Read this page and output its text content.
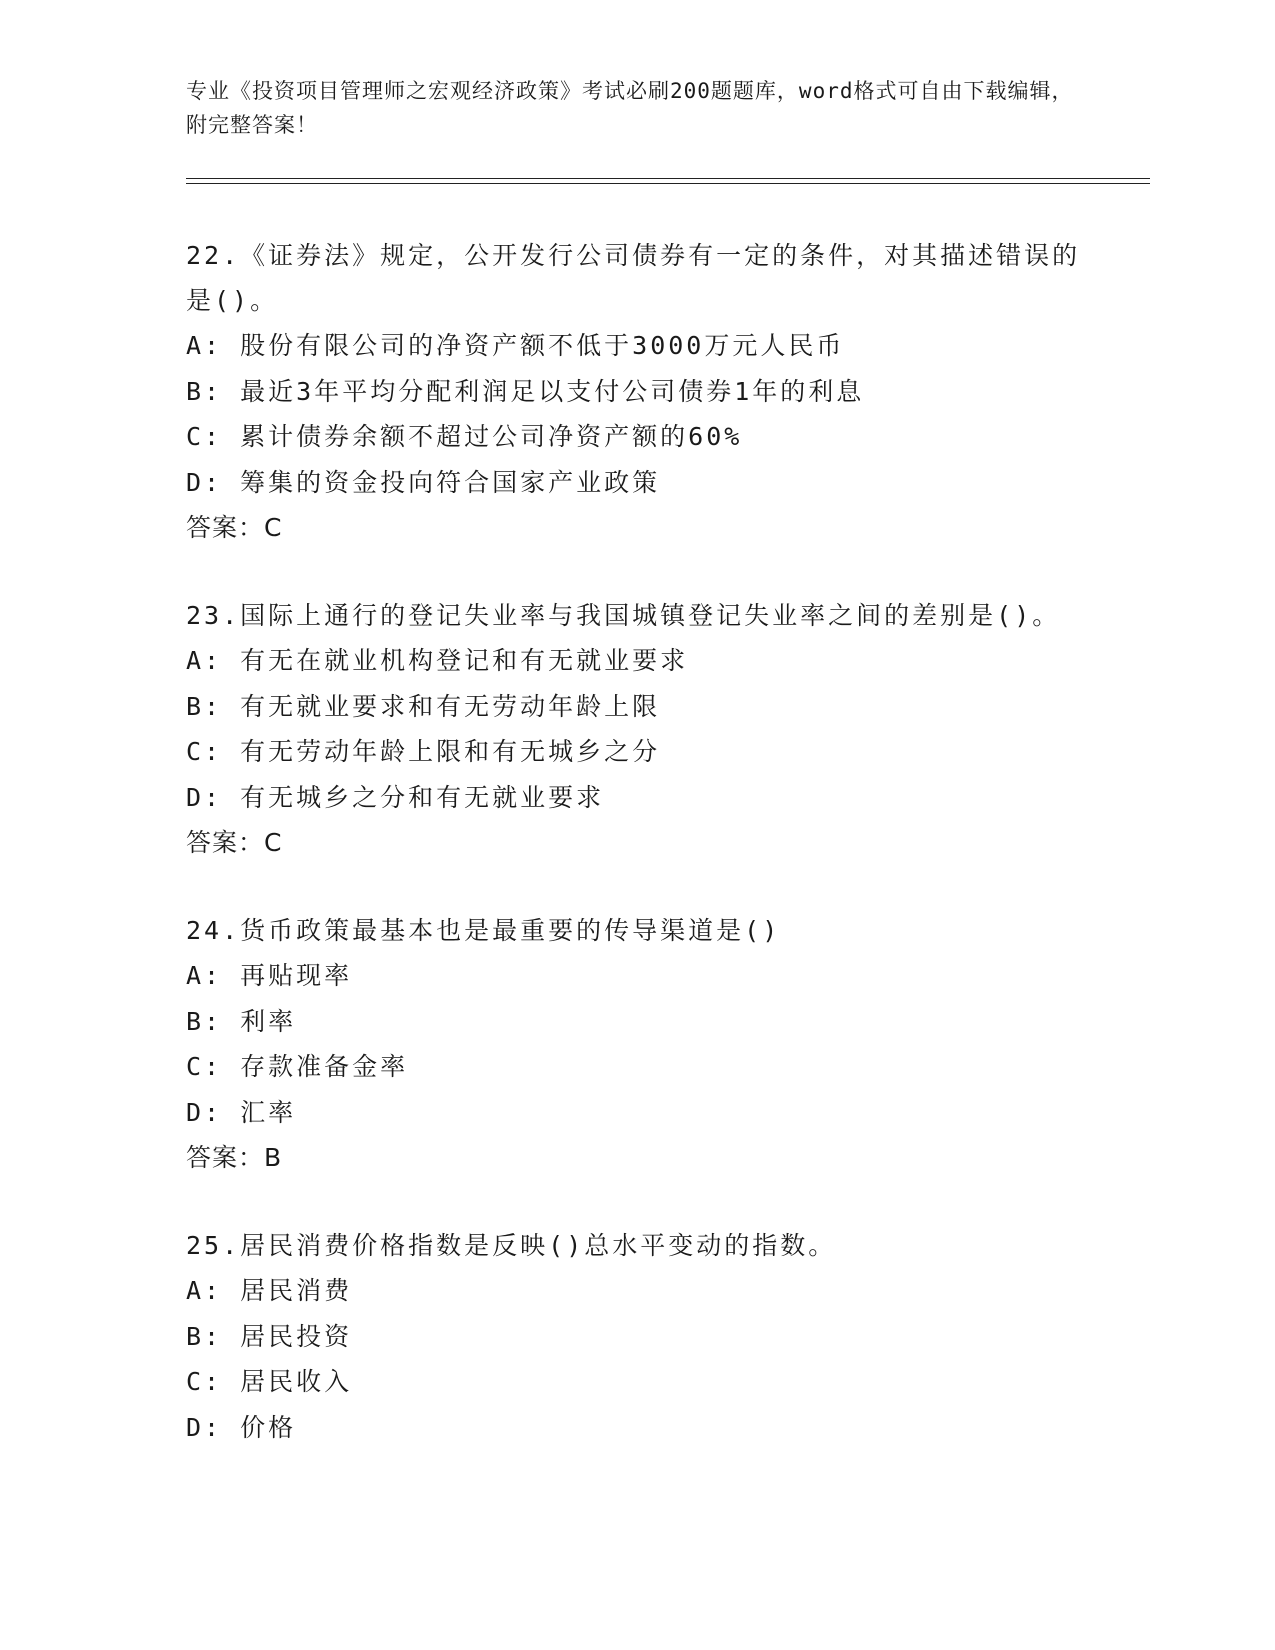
专业《投资项目管理师之宏观经济政策》考试必刷200题题库，word格式可自由下载编辑，附完整答案！
22.《证券法》规定，公开发行公司债券有一定的条件，对其描述错误的是()。
A: 股份有限公司的净资产额不低于3000万元人民币
B: 最近3年平均分配利润足以支付公司债券1年的利息
C: 累计债券余额不超过公司净资产额的60%
D: 筹集的资金投向符合国家产业政策
答案：C
23.国际上通行的登记失业率与我国城镇登记失业率之间的差别是()。
A: 有无在就业机构登记和有无就业要求
B: 有无就业要求和有无劳动年龄上限
C: 有无劳动年龄上限和有无城乡之分
D: 有无城乡之分和有无就业要求
答案：C
24.货币政策最基本也是最重要的传导渠道是()
A: 再贴现率
B: 利率
C: 存款准备金率
D: 汇率
答案：B
25.居民消费价格指数是反映()总水平变动的指数。
A: 居民消费
B: 居民投资
C: 居民收入
D: 价格
